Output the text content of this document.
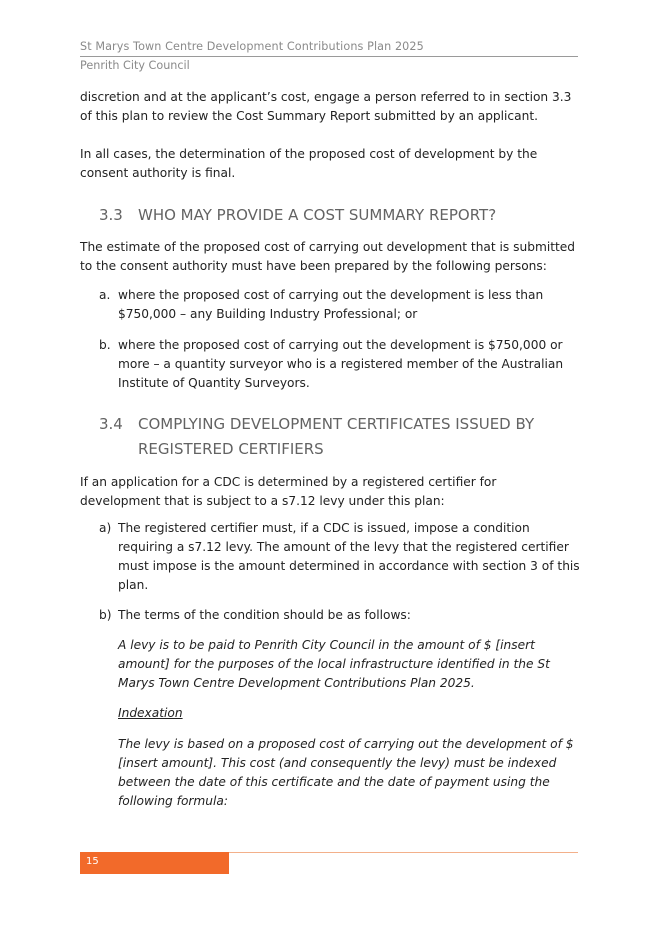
St Marys Town Centre Development Contributions Plan 2025
Penrith City Council

discretion and at the applicant’s cost, engage a person referred to in section 3.3 of this plan to review the Cost Summary Report submitted by an applicant.

In all cases, the determination of the proposed cost of development by the consent authority is final.

3.3	WHO MAY PROVIDE A COST SUMMARY REPORT?

The estimate of the proposed cost of carrying out development that is submitted to the consent authority must have been prepared by the following persons:

a. where the proposed cost of carrying out the development is less than $750,000 – any Building Industry Professional; or
b. where the proposed cost of carrying out the development is $750,000 or more – a quantity surveyor who is a registered member of the Australian Institute of Quantity Surveyors.
3.4	COMPLYING DEVELOPMENT CERTIFICATES ISSUED BY REGISTERED CERTIFIERS

If an application for a CDC is determined by a registered certifier for development that is subject to a s7.12 levy under this plan:

a) The registered certifier must, if a CDC is issued, impose a condition requiring a s7.12 levy. The amount of the levy that the registered certifier must impose is the amount determined in accordance with section 3 of this plan.
b) The terms of the condition should be as follows:
A levy is to be paid to Penrith City Council in the amount of $ [insert amount] for the purposes of the local infrastructure identified in the St Marys Town Centre Development Contributions Plan 2025.
Indexation
The levy is based on a proposed cost of carrying out the development of $ [insert amount]. This cost (and consequently the levy) must be indexed between the date of this certificate and the date of payment using the following formula:
15
